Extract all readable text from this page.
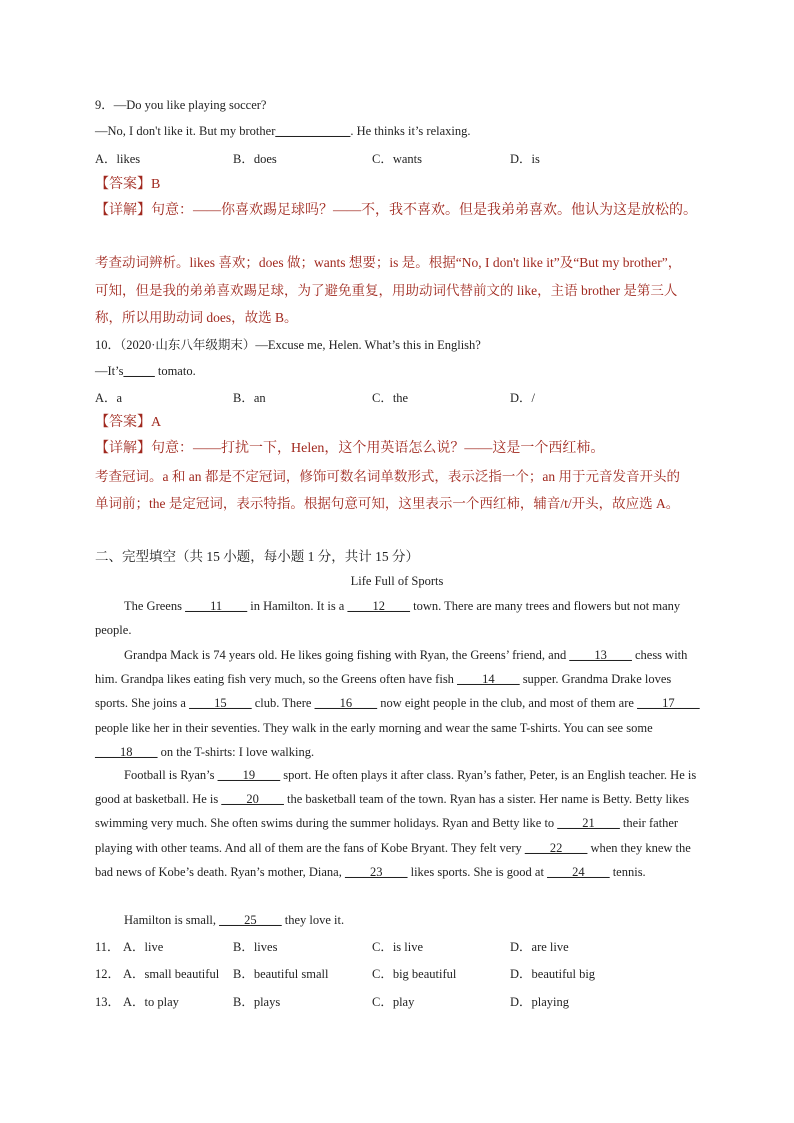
9．—Do you like playing soccer?
—No, I don't like it. But my brother____________. He thinks it’s relaxing.
A．likes	B．does	C．wants	D．is
【答案】B
【详解】句意：——你喜欢踢足球吗？——不，我不喜欢。但是我弟弟喜欢。他认为这是放松的。
考查动词辨析。likes 喜欢；does 做；wants 想要；is 是。根据“No, I don't like it”及“But my brother”，
可知，但是我的弟弟喜欢踢足球，为了避免重复，用助动词代替前文的 like，主语 brother 是第三人
称，所以用助动词 does，故选 B。
10．（2020·山东八年级期末）—Excuse me, Helen. What’s this in English?
—It’s_____ tomato.
A．a	B．an	C．the	D．/
【答案】A
【详解】句意：——打扰一下，Helen，这个用英语怎么说？——这是一个西红柿。
考查冠词。a 和 an 都是不定冠词，修饰可数名词单数形式，表示泛指一个；an 用于元音发音开头的
单词前；the 是定冠词，表示特指。根据句意可知，这里表示一个西红柿，辅音/t/开头，故应选 A。
二、完型填空（共 15 小题，每小题 1 分，共计 15 分）
Life Full of Sports
The Greens ____11____ in Hamilton. It is a ____12____ town. There are many trees and flowers but not many people.
Grandpa Mack is 74 years old. He likes going fishing with Ryan, the Greens’ friend, and ____13____ chess with him. Grandpa likes eating fish very much, so the Greens often have fish ____14____ supper. Grandma Drake loves sports. She joins a ____15____ club. There ____16____ now eight people in the club, and most of them are ____17____ people like her in their seventies. They walk in the early morning and wear the same T-shirts. You can see some ____18____ on the T-shirts: I love walking.
Football is Ryan’s ____19____ sport. He often plays it after class. Ryan’s father, Peter, is an English teacher. He is good at basketball. He is ____20____ the basketball team of the town. Ryan has a sister. Her name is Betty. Betty likes swimming very much. She often swims during the summer holidays. Ryan and Betty like to ____21____ their father playing with other teams. And all of them are the fans of Kobe Bryant. They felt very ____22____ when they knew the bad news of Kobe’s death. Ryan’s mother, Diana, ____23____ likes sports. She is good at ____24____ tennis.
Hamilton is small, ____25____ they love it.
11． A．live	B．lives	C．is live	D．are live
12． A．small beautiful B．beautiful small	C．big beautiful	D．beautiful big
13． A．to play	B．plays	C．play	D．playing
